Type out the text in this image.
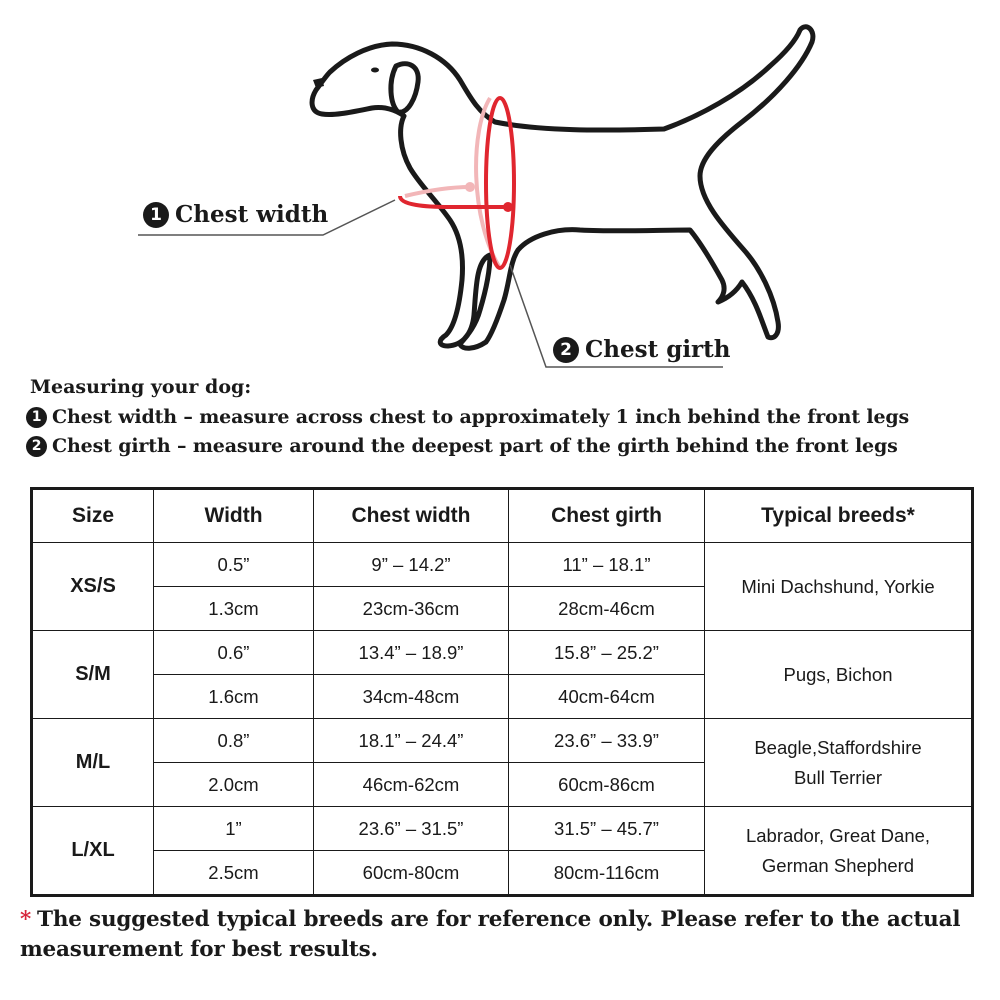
1 Chest width
2 Chest girth
Measuring your dog:
1 Chest width – measure across chest to approximately 1 inch behind the front legs
2 Chest girth – measure around the deepest part of the girth behind the front legs
Size	Width	Chest width	Chest girth	Typical breeds*
XS/S	0.5”	9” – 14.2”	11” – 18.1”	Mini Dachshund, Yorkie

	1.3cm	23cm-36cm	28cm-46cm	
S/M	0.6”	13.4” – 18.9”	15.8” – 25.2”	Pugs, Bichon

	1.6cm	34cm-48cm	40cm-64cm	
M/L	0.8”	18.1” – 24.4”	23.6” – 33.9”	Beagle,Staffordshire
Bull Terrier

	2.0cm	46cm-62cm	60cm-86cm	
L/XL	1”	23.6” – 31.5”	31.5” – 45.7”	Labrador, Great Dane,
German Shepherd

	2.5cm	60cm-80cm	80cm-116cm	
* The suggested typical breeds are for reference only. Please refer to the actual measurement for best results.
